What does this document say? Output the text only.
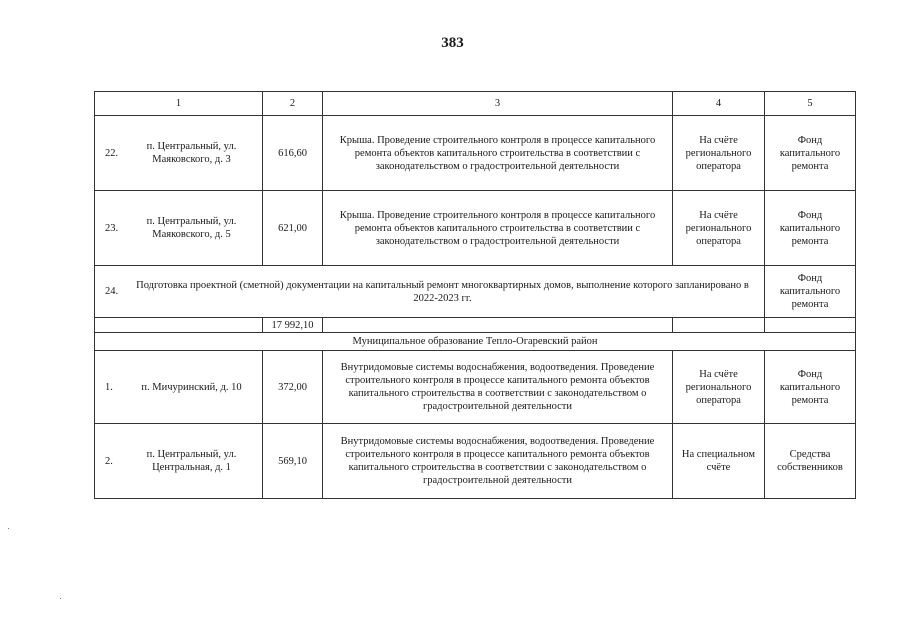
383
1	2	3	4	5

22.
п. Центральный, ул. Маяковского, д. 3	616,60	Крыша. Проведение строительного контроля в процессе капитального ремонта объектов капитального строительства в соответствии с законодательством о градостроительной деятельности	На счёте регионального оператора	Фонд капитального ремонта

23.
п. Центральный, ул. Маяковского, д. 5	621,00	Крыша. Проведение строительного контроля в процессе капитального ремонта объектов капитального строительства в соответствии с законодательством о градостроительной деятельности	На счёте регионального оператора	Фонд капитального ремонта

24.
Подготовка проектной (сметной) документации на капитальный ремонт многоквартирных домов, выполнение которого запланировано в 2022-2023 гг.				Фонд капитального ремонта
	17 992,10			
Муниципальное образование Тепло-Огаревский район				

1. п. Мичуринский, д. 10	372,00	Внутридомовые системы водоснабжения, водоотведения. Проведение строительного контроля в процессе капитального ремонта объектов капитального строительства в соответствии с законодательством о градостроительной деятельности	На счёте регионального оператора	Фонд капитального ремонта

2.
п. Центральный, ул. Центральная, д. 1	569,10	Внутридомовые системы водоснабжения, водоотведения. Проведение строительного контроля в процессе капитального ремонта объектов капитального строительства в соответствии с законодательством о градостроительной деятельности	На специальном счёте	Средства собственников
